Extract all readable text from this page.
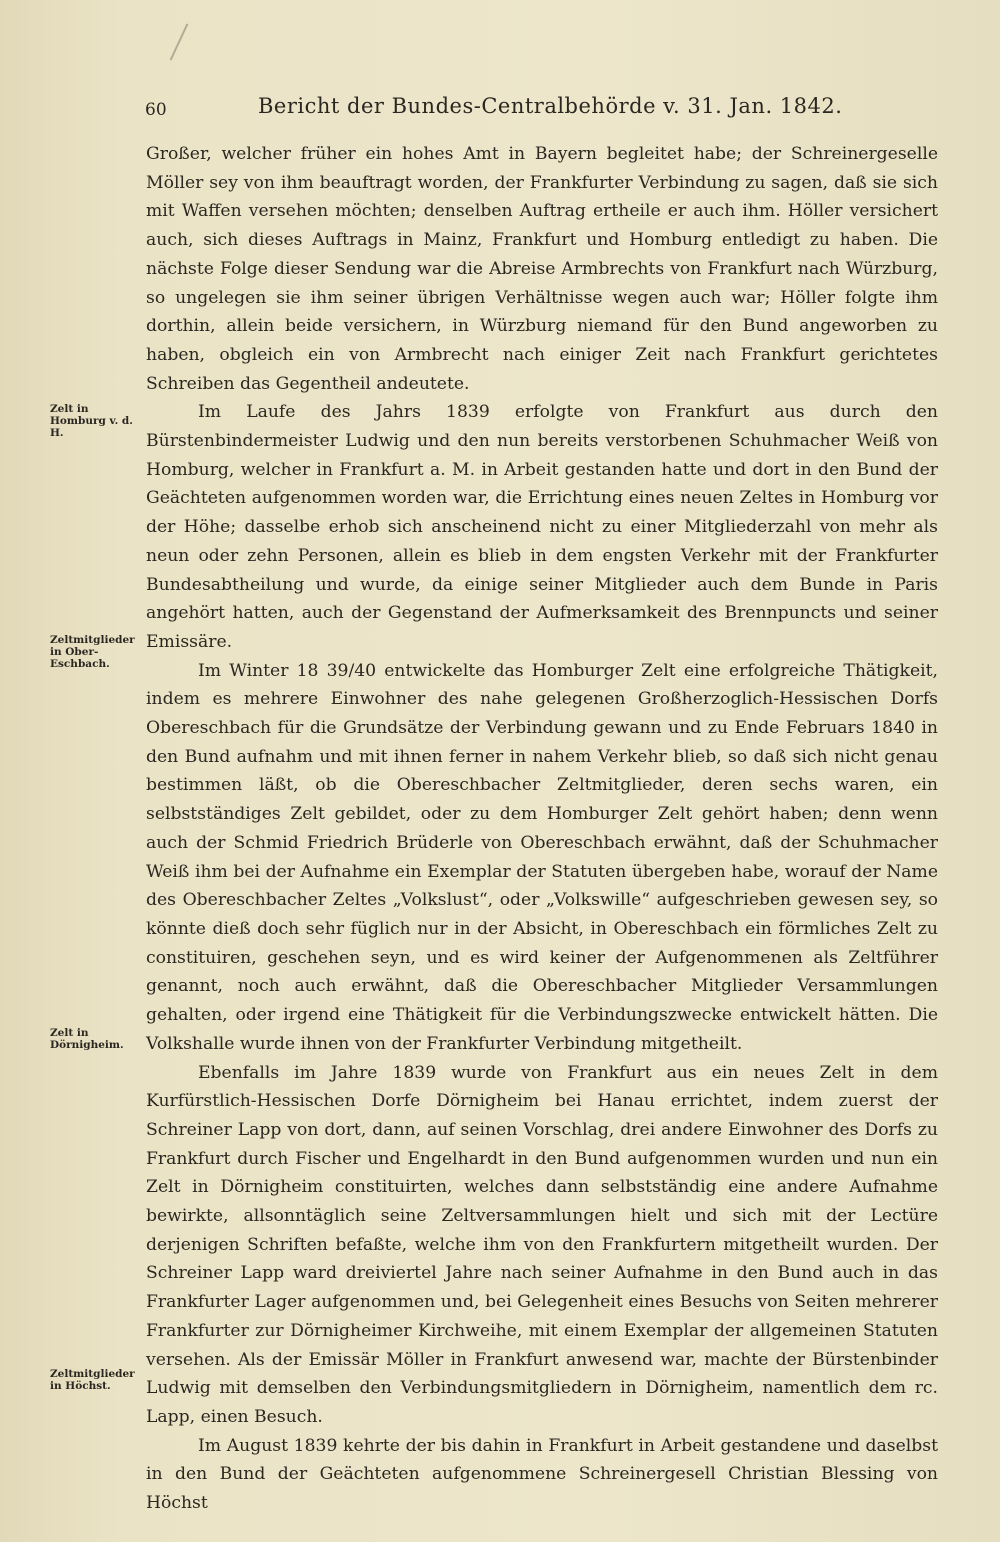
60	Bericht der Bundes-Centralbehörde v. 31. Jan. 1842.
Zelt in Homburg v. d. H.
Zeltmitglieder in Ober-Eschbach.
Zelt in Dörnigheim.
Zeltmitglieder in Höchst.

Großer, welcher früher ein hohes Amt in Bayern begleitet habe; der Schreinergeselle Möller sey von ihm beauftragt worden, der Frankfurter Verbindung zu sagen, daß sie sich mit Waffen versehen möchten; denselben Auftrag ertheile er auch ihm. Höller versichert auch, sich dieses Auftrags in Mainz, Frankfurt und Homburg entledigt zu haben. Die nächste Folge dieser Sendung war die Abreise Armbrechts von Frankfurt nach Würzburg, so ungelegen sie ihm seiner übrigen Verhältnisse wegen auch war; Höller folgte ihm dorthin, allein beide versichern, in Würzburg niemand für den Bund angeworben zu haben, obgleich ein von Armbrecht nach einiger Zeit nach Frankfurt gerichtetes Schreiben das Gegentheil andeutete.

Im Laufe des Jahrs 1839 erfolgte von Frankfurt aus durch den Bürstenbindermeister Ludwig und den nun bereits verstorbenen Schuhmacher Weiß von Homburg, welcher in Frankfurt a. M. in Arbeit gestanden hatte und dort in den Bund der Geächteten aufgenommen worden war, die Errichtung eines neuen Zeltes in Homburg vor der Höhe; dasselbe erhob sich anscheinend nicht zu einer Mitgliederzahl von mehr als neun oder zehn Personen, allein es blieb in dem engsten Verkehr mit der Frankfurter Bundesabtheilung und wurde, da einige seiner Mitglieder auch dem Bunde in Paris angehört hatten, auch der Gegenstand der Aufmerksamkeit des Brennpuncts und seiner Emissäre.

Im Winter 18 39/40 entwickelte das Homburger Zelt eine erfolgreiche Thätigkeit, indem es mehrere Einwohner des nahe gelegenen Großherzoglich-Hessischen Dorfs Obereschbach für die Grundsätze der Verbindung gewann und zu Ende Februars 1840 in den Bund aufnahm und mit ihnen ferner in nahem Verkehr blieb, so daß sich nicht genau bestimmen läßt, ob die Obereschbacher Zeltmitglieder, deren sechs waren, ein selbstständiges Zelt gebildet, oder zu dem Homburger Zelt gehört haben; denn wenn auch der Schmid Friedrich Brüderle von Obereschbach erwähnt, daß der Schuhmacher Weiß ihm bei der Aufnahme ein Exemplar der Statuten übergeben habe, worauf der Name des Obereschbacher Zeltes „Volkslust“, oder „Volkswille“ aufgeschrieben gewesen sey, so könnte dieß doch sehr füglich nur in der Absicht, in Obereschbach ein förmliches Zelt zu constituiren, geschehen seyn, und es wird keiner der Aufgenommenen als Zeltführer genannt, noch auch erwähnt, daß die Obereschbacher Mitglieder Versammlungen gehalten, oder irgend eine Thätigkeit für die Verbindungszwecke entwickelt hätten. Die Volkshalle wurde ihnen von der Frankfurter Verbindung mitgetheilt.

Ebenfalls im Jahre 1839 wurde von Frankfurt aus ein neues Zelt in dem Kurfürstlich-Hessischen Dorfe Dörnigheim bei Hanau errichtet, indem zuerst der Schreiner Lapp von dort, dann, auf seinen Vorschlag, drei andere Einwohner des Dorfs zu Frankfurt durch Fischer und Engelhardt in den Bund aufgenommen wurden und nun ein Zelt in Dörnigheim constituirten, welches dann selbstständig eine andere Aufnahme bewirkte, allsonntäglich seine Zeltversammlungen hielt und sich mit der Lectüre derjenigen Schriften befaßte, welche ihm von den Frankfurtern mitgetheilt wurden. Der Schreiner Lapp ward dreiviertel Jahre nach seiner Aufnahme in den Bund auch in das Frankfurter Lager aufgenommen und, bei Gelegenheit eines Besuchs von Seiten mehrerer Frankfurter zur Dörnigheimer Kirchweihe, mit einem Exemplar der allgemeinen Statuten versehen. Als der Emissär Möller in Frankfurt anwesend war, machte der Bürstenbinder Ludwig mit demselben den Verbindungsmitgliedern in Dörnigheim, namentlich dem rc. Lapp, einen Besuch.

Im August 1839 kehrte der bis dahin in Frankfurt in Arbeit gestandene und daselbst in den Bund der Geächteten aufgenommene Schreinergesell Christian Blessing von Höchst
